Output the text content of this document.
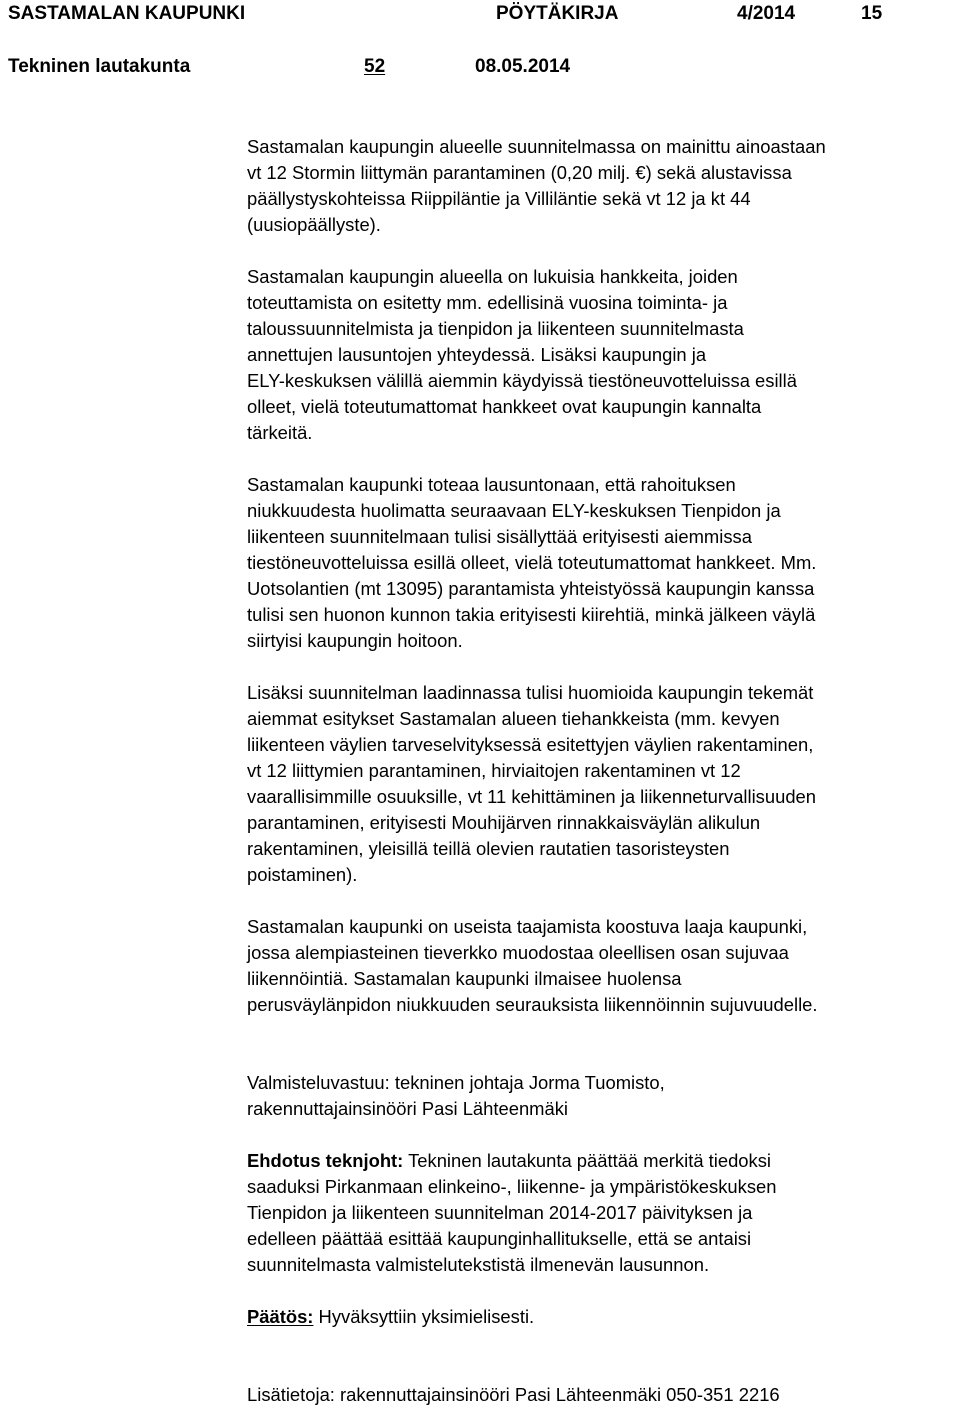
SASTAMALAN KAUPUNKI	PÖYTÄKIRJA	4/2014	15
Tekninen lautakunta	52	08.05.2014

Sastamalan kaupungin alueelle suunnitelmassa on mainittu ainoastaan
vt 12 Stormin liittymän parantaminen (0,20 milj. €) sekä alustavissa
päällystyskohteissa Riippiläntie ja Villiläntie sekä vt 12 ja kt 44
(uusiopäällyste).

Sastamalan kaupungin alueella on lukuisia hankkeita, joiden
toteuttamista on esitetty mm. edellisinä vuosina toiminta- ja
taloussuunnitelmista ja tienpidon ja liikenteen suunnitelmasta
annettujen lausuntojen yhteydessä. Lisäksi kaupungin ja
ELY-keskuksen välillä aiemmin käydyissä tiestöneuvotteluissa esillä
olleet, vielä toteutumattomat hankkeet ovat kaupungin kannalta
tärkeitä.

Sastamalan kaupunki toteaa lausuntonaan, että rahoituksen
niukkuudesta huolimatta seuraavaan ELY-keskuksen Tienpidon ja
liikenteen suunnitelmaan tulisi sisällyttää erityisesti aiemmissa
tiestöneuvotteluissa esillä olleet, vielä toteutumattomat hankkeet. Mm.
Uotsolantien (mt 13095) parantamista yhteistyössä kaupungin kanssa
tulisi sen huonon kunnon takia erityisesti kiirehtiä, minkä jälkeen väylä
siirtyisi kaupungin hoitoon.

Lisäksi suunnitelman laadinnassa tulisi huomioida kaupungin tekemät
aiemmat esitykset Sastamalan alueen tiehankkeista (mm. kevyen
liikenteen väylien tarveselvityksessä esitettyjen väylien rakentaminen,
vt 12 liittymien parantaminen, hirviaitojen rakentaminen vt 12
vaarallisimmille osuuksille, vt 11 kehittäminen ja liikenneturvallisuuden
parantaminen, erityisesti Mouhijärven rinnakkaisväylän alikulun
rakentaminen, yleisillä teillä olevien rautatien tasoristeysten
poistaminen).

Sastamalan kaupunki on useista taajamista koostuva laaja kaupunki,
jossa alempiasteinen tieverkko muodostaa oleellisen osan sujuvaa
liikennöintiä. Sastamalan kaupunki ilmaisee huolensa
perusväylänpidon niukkuuden seurauksista liikennöinnin sujuvuudelle.

Valmisteluvastuu: tekninen johtaja Jorma Tuomisto,
rakennuttajainsinööri Pasi Lähteenmäki

Ehdotus teknjoht: Tekninen lautakunta päättää merkitä tiedoksi
saaduksi Pirkanmaan elinkeino-, liikenne- ja ympäristökeskuksen
Tienpidon ja liikenteen suunnitelman 2014-2017 päivityksen ja
edelleen päättää esittää kaupunginhallitukselle, että se antaisi
suunnitelmasta valmistelutekstistä ilmenevän lausunnon.

Päätös: Hyväksyttiin yksimielisesti.

Lisätietoja: rakennuttajainsinööri Pasi Lähteenmäki 050-351 2216
